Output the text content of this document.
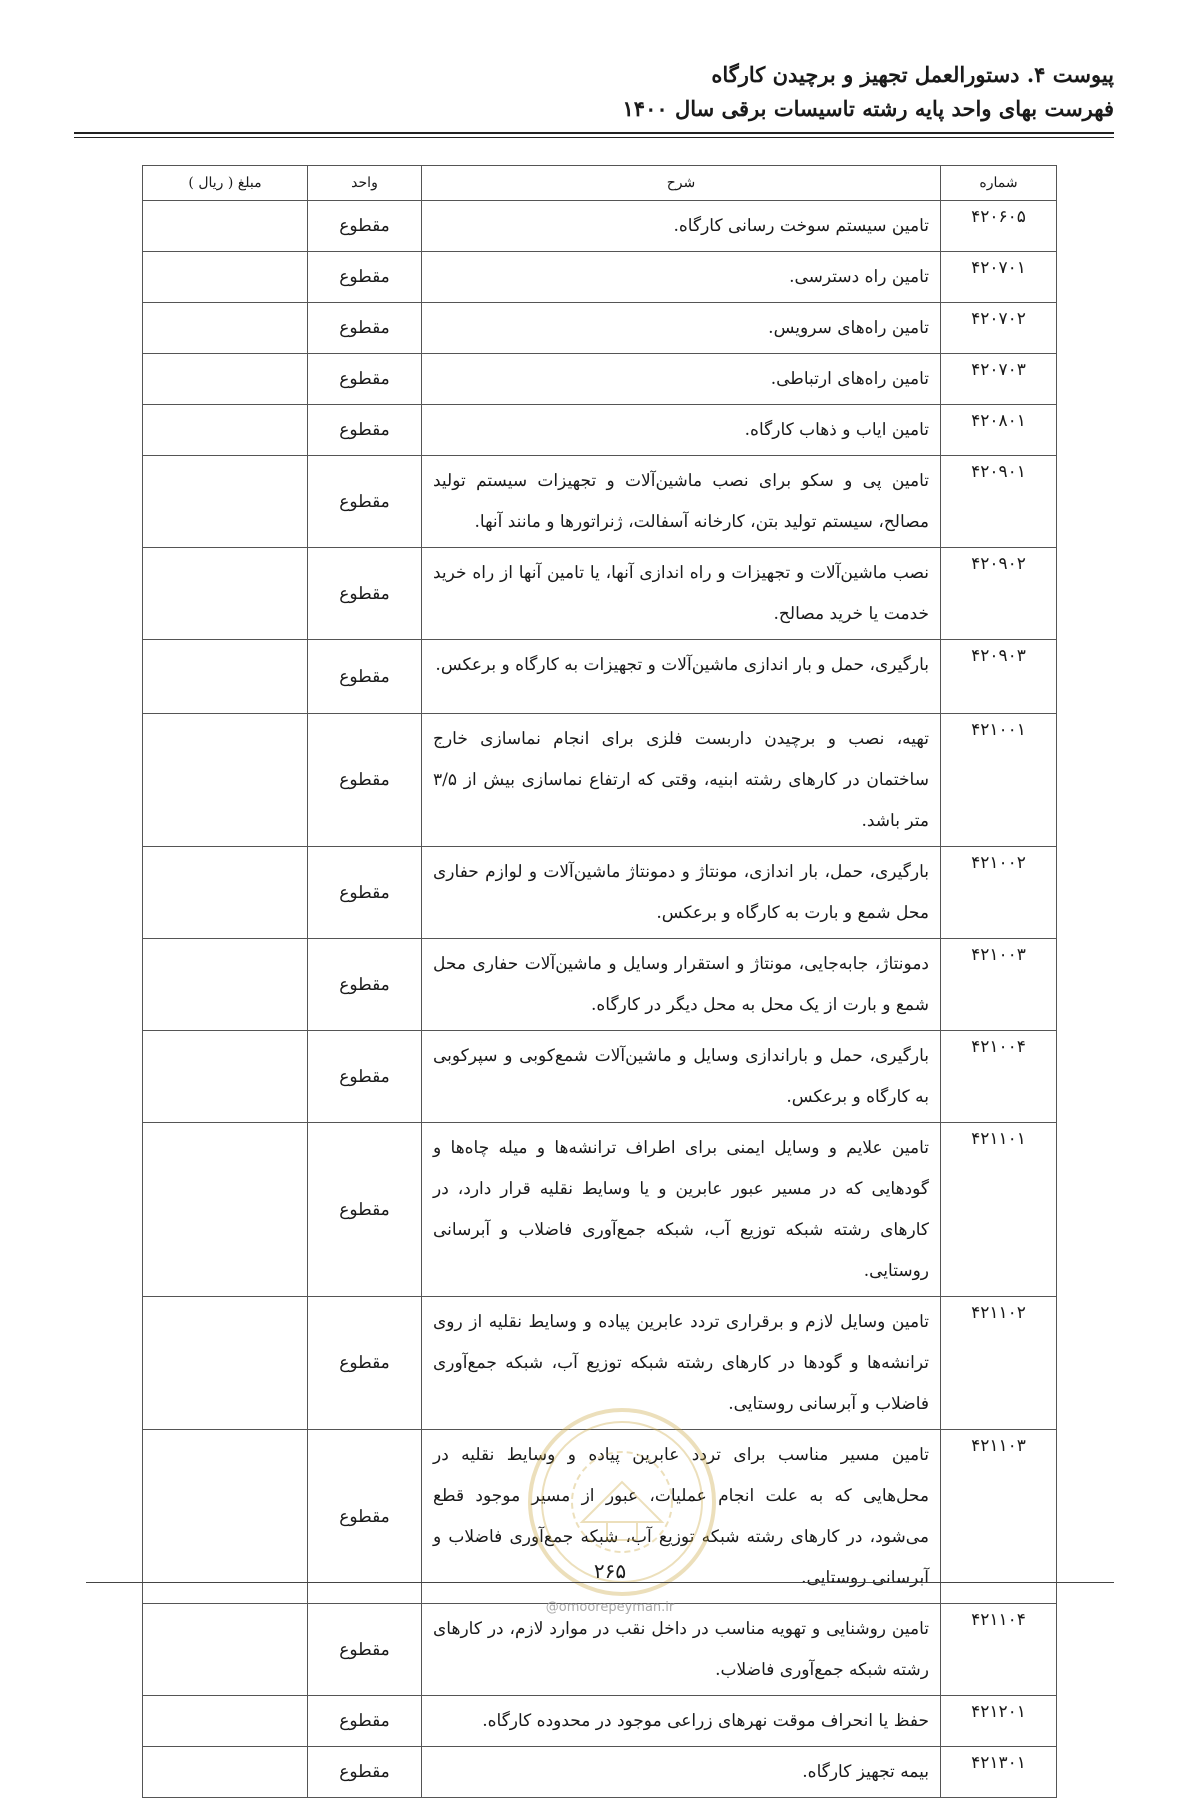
پیوست ۴. دستورالعمل تجهیز و برچیدن کارگاه
فهرست بهای واحد پایه رشته تاسیسات برقی سال ۱۴۰۰
شماره	شرح	واحد	مبلغ ( ریال )
۴۲۰۶۰۵	تامین سیستم سوخت رسانی کارگاه.	مقطوع	
۴۲۰۷۰۱	تامین راه دسترسی.	مقطوع	
۴۲۰۷۰۲	تامین راه‌های سرویس.	مقطوع	
۴۲۰۷۰۳	تامین راه‌های ارتباطی.	مقطوع	
۴۲۰۸۰۱	تامین ایاب و ذهاب کارگاه.	مقطوع	
۴۲۰۹۰۱	تامین پی و سکو برای نصب ماشین‌آلات و تجهیزات سیستم تولید مصالح، سیستم تولید بتن، کارخانه آسفالت، ژنراتورها و مانند آنها.	مقطوع	
۴۲۰۹۰۲	نصب ماشین‌آلات و تجهیزات و راه اندازی آنها، یا تامین آنها از راه خرید خدمت یا خرید مصالح.	مقطوع	
۴۲۰۹۰۳	بارگیری، حمل و بار اندازی ماشین‌آلات و تجهیزات به کارگاه و برعکس.	مقطوع	
۴۲۱۰۰۱	تهیه، نصب و برچیدن داربست فلزی برای انجام نماسازی خارج ساختمان در کارهای رشته ابنیه، وقتی که ارتفاع نماسازی بیش از ۳/۵ متر باشد.	مقطوع	
۴۲۱۰۰۲	بارگیری، حمل، بار اندازی، مونتاژ و دمونتاژ ماشین‌آلات و لوازم حفاری محل شمع و بارت به کارگاه و برعکس.	مقطوع	
۴۲۱۰۰۳	دمونتاژ، جابه‌جایی، مونتاژ و استقرار وسایل و ماشین‌آلات حفاری محل شمع و بارت از یک محل به محل دیگر در کارگاه.	مقطوع	
۴۲۱۰۰۴	بارگیری، حمل و باراندازی وسایل و ماشین‌آلات شمع‌کوبی و سپرکوبی به کارگاه و برعکس.	مقطوع	
۴۲۱۱۰۱	تامین علایم و وسایل ایمنی برای اطراف ترانشه‌ها و میله چاه‌ها و گودهایی که در مسیر عبور عابرین و یا وسایط نقلیه قرار دارد، در کارهای رشته شبکه توزیع آب، شبکه جمع‌آوری فاضلاب و آبرسانی روستایی.	مقطوع	
۴۲۱۱۰۲	تامین وسایل لازم و برقراری تردد عابرین پیاده و وسایط نقلیه از روی ترانشه‌ها و گودها در کارهای رشته شبکه توزیع آب، شبکه جمع‌آوری فاضلاب و آبرسانی روستایی.	مقطوع	
۴۲۱۱۰۳	تامین مسیر مناسب برای تردد عابرین پیاده و وسایط نقلیه در محل‌هایی که به علت انجام عملیات، عبور از مسیر موجود قطع می‌شود، در کارهای رشته شبکه توزیع آب، شبکه جمع‌آوری فاضلاب و آبرسانی روستایی.	مقطوع	
۴۲۱۱۰۴	تامین روشنایی و تهویه مناسب در داخل نقب در موارد لازم، در کارهای رشته شبکه جمع‌آوری فاضلاب.	مقطوع	
۴۲۱۲۰۱	حفظ یا انحراف موقت نهرهای زراعی موجود در محدوده کارگاه.	مقطوع	
۴۲۱۳۰۱	بیمه تجهیز کارگاه.	مقطوع	
۲۶۵
@omoorepeyman.ir
